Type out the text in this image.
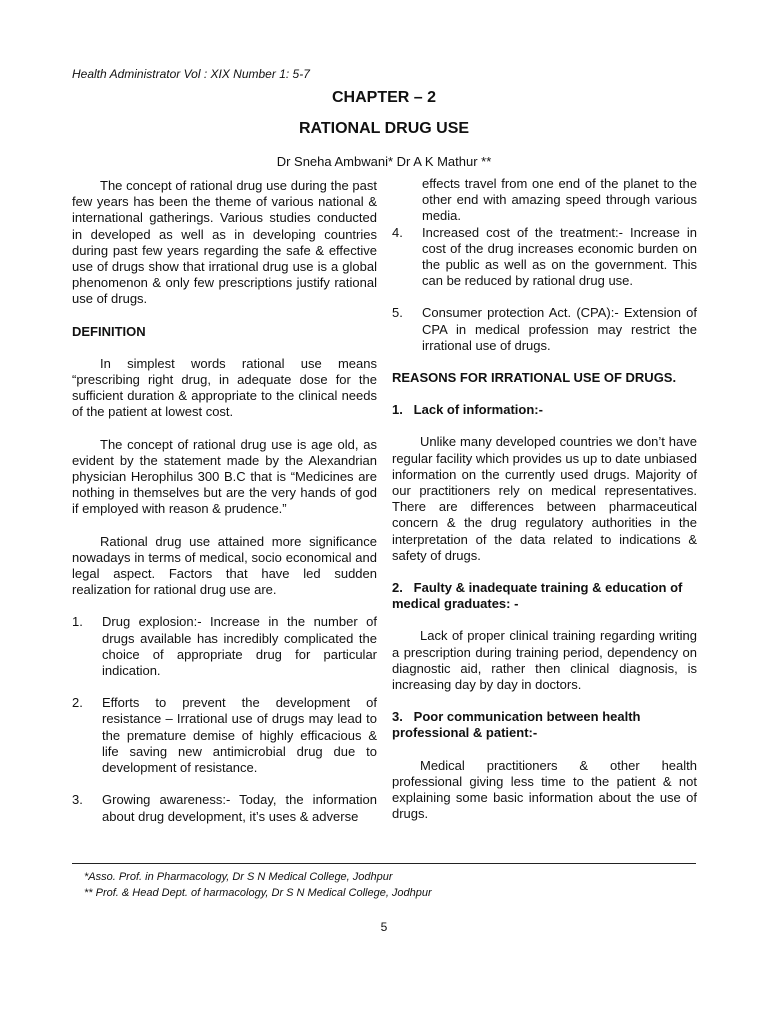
Health Administrator Vol : XIX Number 1: 5-7
CHAPTER – 2
RATIONAL DRUG USE
Dr Sneha Ambwani* Dr A K Mathur **

The concept of rational drug use during the past few years has been the theme of various national & international gatherings. Various studies conducted in developed as well as in developing countries during past few years regarding the safe & effective use of drugs show that irrational drug use is a global phenomenon & only few prescriptions justify rational use of drugs.

DEFINITION

In simplest words rational use means “prescribing right drug, in adequate dose for the sufficient duration & appropriate to the clinical needs of the patient at lowest cost.

The concept of rational drug use is age old, as evident by the statement made by the Alexandrian physician Herophilus 300 B.C that is “Medicines are nothing in themselves but are the very hands of god if employed with reason & prudence.”

Rational drug use attained more significance nowadays in terms of medical, socio economical and legal aspect. Factors that have led sudden realization for rational drug use are.

1.	Drug explosion:- Increase in the number of drugs available has incredibly complicated the choice of appropriate drug for particular indication.
2.	Efforts to prevent the development of resistance – Irrational use of drugs may lead to the premature demise of highly efficacious & life saving new antimicrobial drug due to development of resistance.
3.	Growing awareness:- Today, the information about drug development, it’s uses & adverse
effects travel from one end of the planet to the other end with amazing speed through various media.
4.	Increased cost of the treatment:- Increase in cost of the drug increases economic burden on the public as well as on the government. This can be reduced by rational drug use.
5.	Consumer protection Act. (CPA):- Extension of CPA in medical profession may restrict the irrational use of drugs.

REASONS FOR IRRATIONAL USE OF DRUGS.

1.   Lack of information:-

Unlike many developed countries we don’t have regular facility which provides us up to date unbiased information on the currently used drugs. Majority of our practitioners rely on medical representatives. There are differences between pharmaceutical concern & the drug regulatory authorities in the interpretation of the data related to indications & safety of drugs.

2.   Faulty & inadequate training & education of medical graduates: -

Lack of proper clinical training regarding writing a prescription during training period, dependency on diagnostic aid, rather then clinical diagnosis, is increasing day by day in doctors.

3.   Poor communication between health professional & patient:-

Medical practitioners & other health professional giving less time to the patient & not explaining some basic information about the use of drugs.

*Asso. Prof. in Pharmacology, Dr S N Medical College, Jodhpur
** Prof. & Head Dept. of harmacology, Dr S N Medical College, Jodhpur
5
